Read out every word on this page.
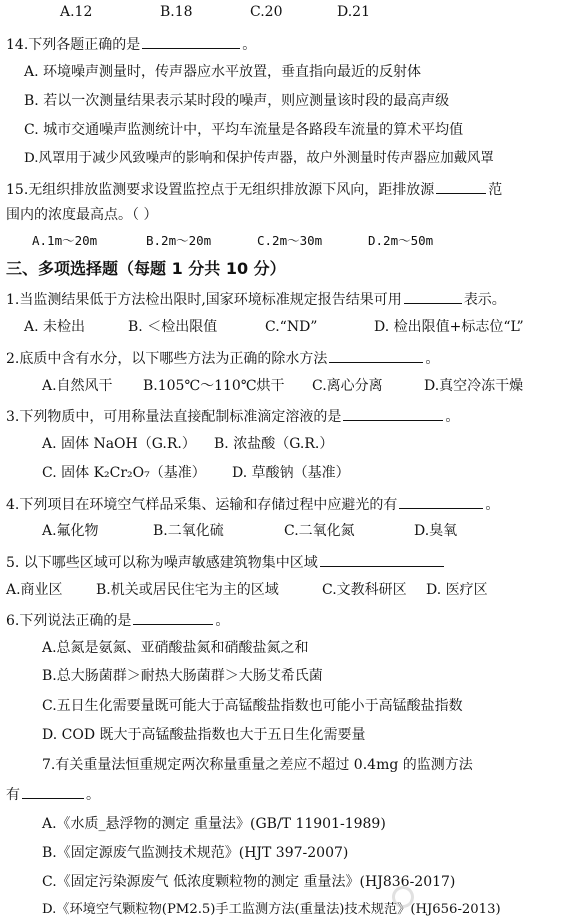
A.12	B.18	C.20	D.21
14.下列各题正确的是	。
A. 环境噪声测量时，传声器应水平放置，垂直指向最近的反射体
B. 若以一次测量结果表示某时段的噪声，则应测量该时段的最高声级
C. 城市交通噪声监测统计中，平均车流量是各路段车流量的算术平均值
D.风罩用于减少风致噪声的影响和保护传声器，故户外测量时传声器应加戴风罩
15.无组织排放监测要求设置监控点于无组织排放源下风向，距排放源	范
围内的浓度最高点。（ ）
A.1m～20m	B.2m～20m	C.2m～30m	D.2m～50m
三、多项选择题（每题 1 分共 10 分）
1.当监测结果低于方法检出限时,国家环境标准规定报告结果可用	表示。
A. 未检出	B. ＜检出限值	C.“ND”	D. 检出限值+标志位“L”
2.底质中含有水分，以下哪些方法为正确的除水方法	。
A.自然风干 B.105℃～110℃烘干 C.离心分离	D.真空冷冻干燥
3.下列物质中，可用称量法直接配制标准滴定溶液的是	。
A. 固体 NaOH（G.R.） B. 浓盐酸（G.R.）
C. 固体 K₂Cr₂O₇（基准） D. 草酸钠（基准）
4.下列项目在环境空气样品采集、运输和存储过程中应避光的有	。
A.氟化物	B.二氧化硫	C.二氧化氮	D.臭氧
5. 以下哪些区域可以称为噪声敏感建筑物集中区域
A.商业区 B.机关或居民住宅为主的区域	C.文教科研区 D. 医疗区
6.下列说法正确的是	。
A.总氮是氨氮、亚硝酸盐氮和硝酸盐氮之和
B.总大肠菌群＞耐热大肠菌群＞大肠艾希氏菌
C.五日生化需要量既可能大于高锰酸盐指数也可能小于高锰酸盐指数
D. COD 既大于高锰酸盐指数也大于五日生化需要量
7.有关重量法恒重规定两次称量重量之差应不超过 0.4mg 的监测方法
有	。
A.《水质_悬浮物的测定 重量法》(GB/T 11901-1989)
B.《固定源废气监测技术规范》(HJT 397-2007)
C.《固定污染源废气 低浓度颗粒物的测定 重量法》(HJ836-2017)
D.《环境空气颗粒物(PM2.5)手工监测方法(重量法)技术规范》(HJ656-2013)
